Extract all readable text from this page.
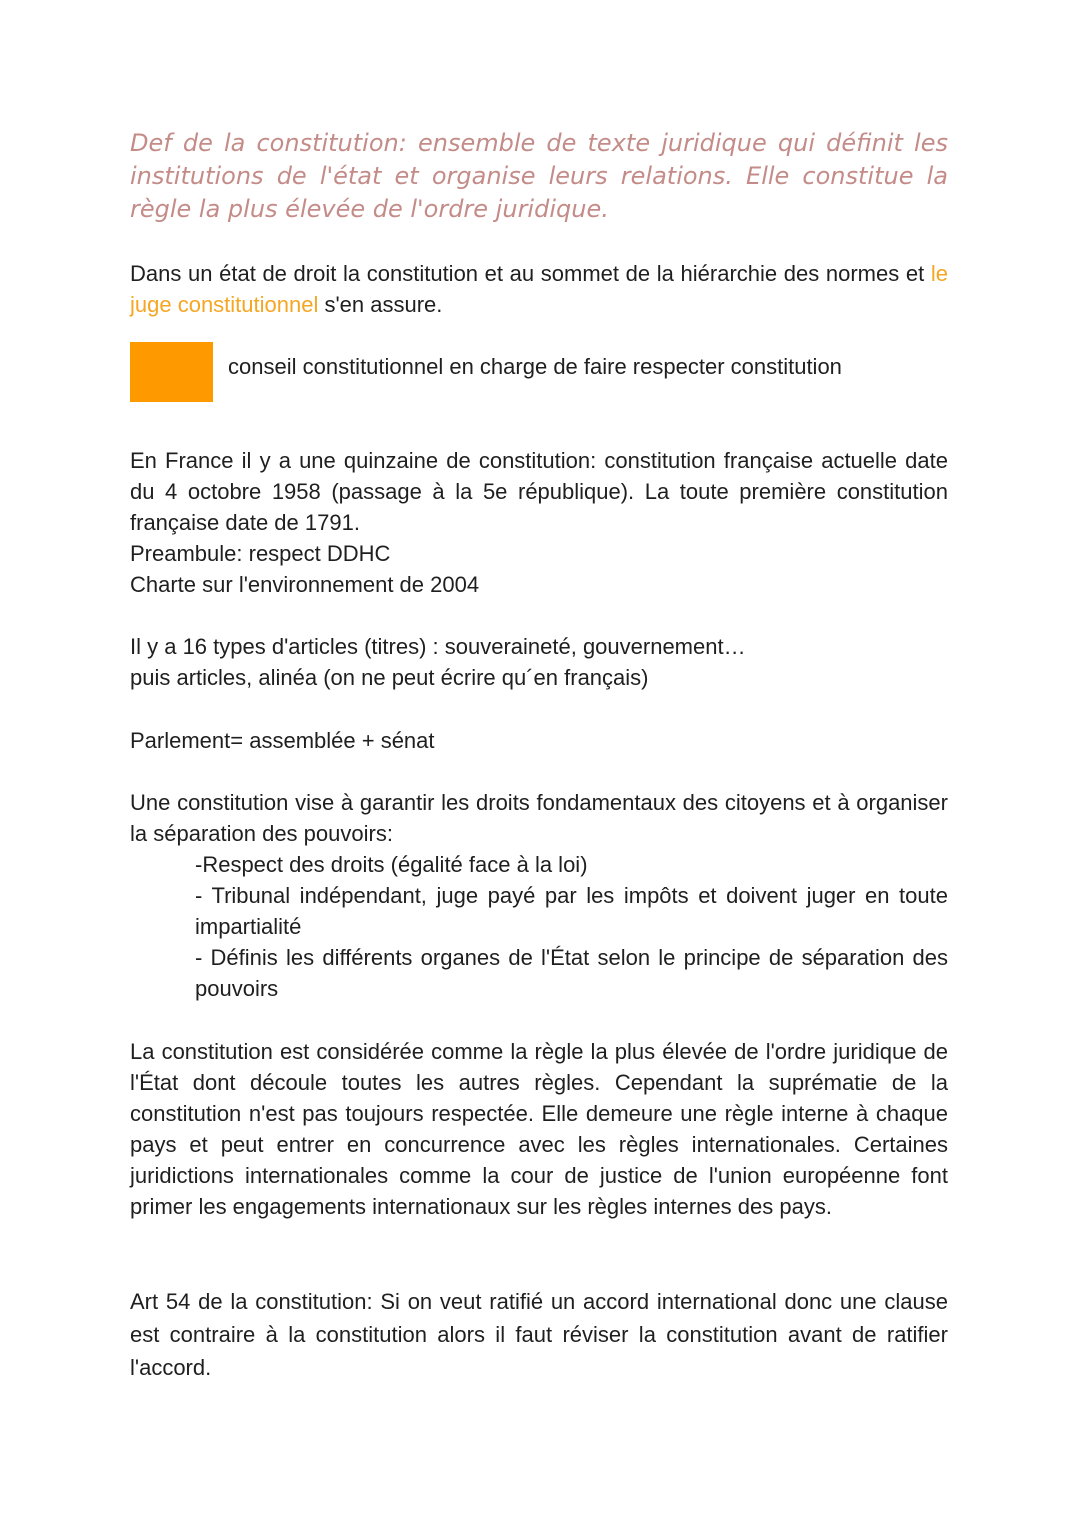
Def de la constitution: ensemble de texte juridique qui définit les institutions de l'état et organise leurs relations. Elle constitue la règle la plus élevée de l'ordre juridique.

Dans un état de droit la constitution et au sommet de la hiérarchie des normes et le juge constitutionnel s'en assure.

conseil constitutionnel en charge de faire respecter constitution

En France il y a une quinzaine de constitution: constitution française actuelle date du 4 octobre 1958 (passage à la 5e république). La toute première constitution française date de 1791.

Preambule: respect DDHC

Charte sur l'environnement de 2004

Il y a 16 types d'articles (titres) : souveraineté, gouvernement…

puis articles, alinéa (on ne peut écrire qu´en français)

Parlement= assemblée + sénat

Une constitution vise à garantir les droits fondamentaux des citoyens et à organiser la séparation des pouvoirs:

-Respect des droits (égalité face à la loi)

- Tribunal indépendant, juge payé par les impôts et doivent juger en toute impartialité

- Définis les différents organes de l'État selon le principe de séparation des pouvoirs

La constitution est considérée comme la règle la plus élevée de l'ordre juridique de l'État dont découle toutes les autres règles. Cependant la suprématie de la constitution n'est pas toujours respectée. Elle demeure une règle interne à chaque pays et peut entrer en concurrence avec les règles internationales. Certaines juridictions internationales comme la cour de justice de l'union européenne font primer les engagements internationaux sur les règles internes des pays.

Art 54 de la constitution: Si on veut ratifié un accord international donc une clause est contraire à la constitution alors il faut réviser la constitution avant de ratifier l'accord.
